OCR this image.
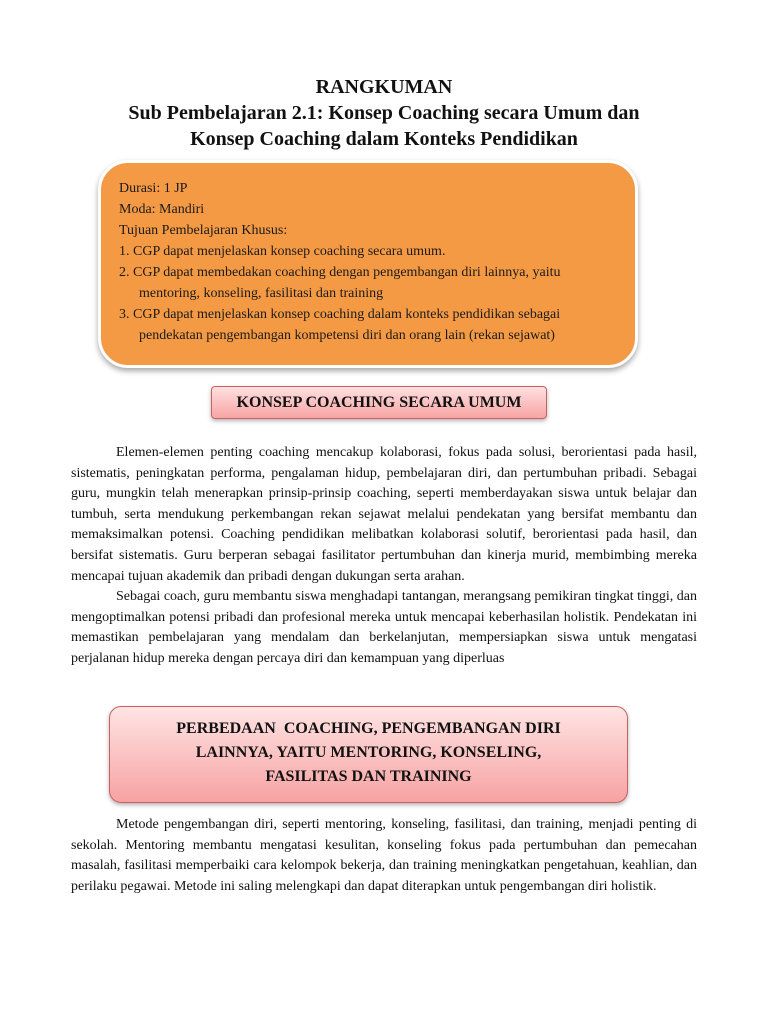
RANGKUMAN
Sub Pembelajaran 2.1: Konsep Coaching secara Umum dan
Konsep Coaching dalam Konteks Pendidikan

Durasi: 1 JP

Moda: Mandiri

Tujuan Pembelajaran Khusus:

1. CGP dapat menjelaskan konsep coaching secara umum.

2. CGP dapat membedakan coaching dengan pengembangan diri lainnya, yaitu mentoring, konseling, fasilitasi dan training

3. CGP dapat menjelaskan konsep coaching dalam konteks pendidikan sebagai pendekatan pengembangan kompetensi diri dan orang lain (rekan sejawat)

KONSEP COACHING SECARA UMUM

Elemen-elemen penting coaching mencakup kolaborasi, fokus pada solusi, berorientasi pada hasil, sistematis, peningkatan performa, pengalaman hidup, pembelajaran diri, dan pertumbuhan pribadi. Sebagai guru, mungkin telah menerapkan prinsip-prinsip coaching, seperti memberdayakan siswa untuk belajar dan tumbuh, serta mendukung perkembangan rekan sejawat melalui pendekatan yang bersifat membantu dan memaksimalkan potensi. Coaching pendidikan melibatkan kolaborasi solutif, berorientasi pada hasil, dan bersifat sistematis. Guru berperan sebagai fasilitator pertumbuhan dan kinerja murid, membimbing mereka mencapai tujuan akademik dan pribadi dengan dukungan serta arahan.

Sebagai coach, guru membantu siswa menghadapi tantangan, merangsang pemikiran tingkat tinggi, dan mengoptimalkan potensi pribadi dan profesional mereka untuk mencapai keberhasilan holistik. Pendekatan ini memastikan pembelajaran yang mendalam dan berkelanjutan, mempersiapkan siswa untuk mengatasi perjalanan hidup mereka dengan percaya diri dan kemampuan yang diperluas

PERBEDAAN  COACHING, PENGEMBANGAN DIRI
LAINNYA, YAITU MENTORING, KONSELING,
FASILITAS DAN TRAINING

Metode pengembangan diri, seperti mentoring, konseling, fasilitasi, dan training, menjadi penting di sekolah. Mentoring membantu mengatasi kesulitan, konseling fokus pada pertumbuhan dan pemecahan masalah, fasilitasi memperbaiki cara kelompok bekerja, dan training meningkatkan pengetahuan, keahlian, dan perilaku pegawai. Metode ini saling melengkapi dan dapat diterapkan untuk pengembangan diri holistik.
